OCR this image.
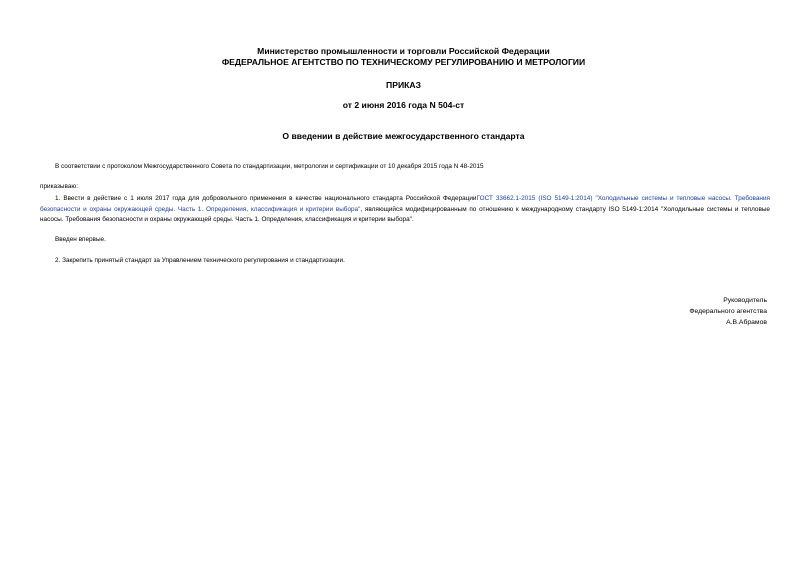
Министерство промышленности и торговли Российской Федерации
ФЕДЕРАЛЬНОЕ АГЕНТСТВО ПО ТЕХНИЧЕСКОМУ РЕГУЛИРОВАНИЮ И МЕТРОЛОГИИ
ПРИКАЗ
от 2 июня 2016 года N 504-ст
О введении в действие межгосударственного стандарта
В соответствии с протоколом Межгосударственного Совета по стандартизации, метрологии и сертификации от 10 декабря 2015 года N 48-2015
приказываю:
1. Ввести в действие с 1 июля 2017 года для добровольного применения в качестве национального стандарта Российской ФедерацииГОСТ 33662.1-2015 (ISO 5149-1:2014) "Холодильные системы и тепловые насосы. Требования безопасности и охраны окружающей среды. Часть 1. Определения, классификация и критерии выбора", являющийся модифицированным по отношению к международному стандарту ISO 5149-1:2014 "Холодильные системы и тепловые насосы. Требования безопасности и охраны окружающей среды. Часть 1. Определения, классификация и критерии выбора".
Введен впервые.
2. Закрепить принятый стандарт за Управлением технического регулирования и стандартизации.
Руководитель
Федерального агентства
А.В.Абрамов
